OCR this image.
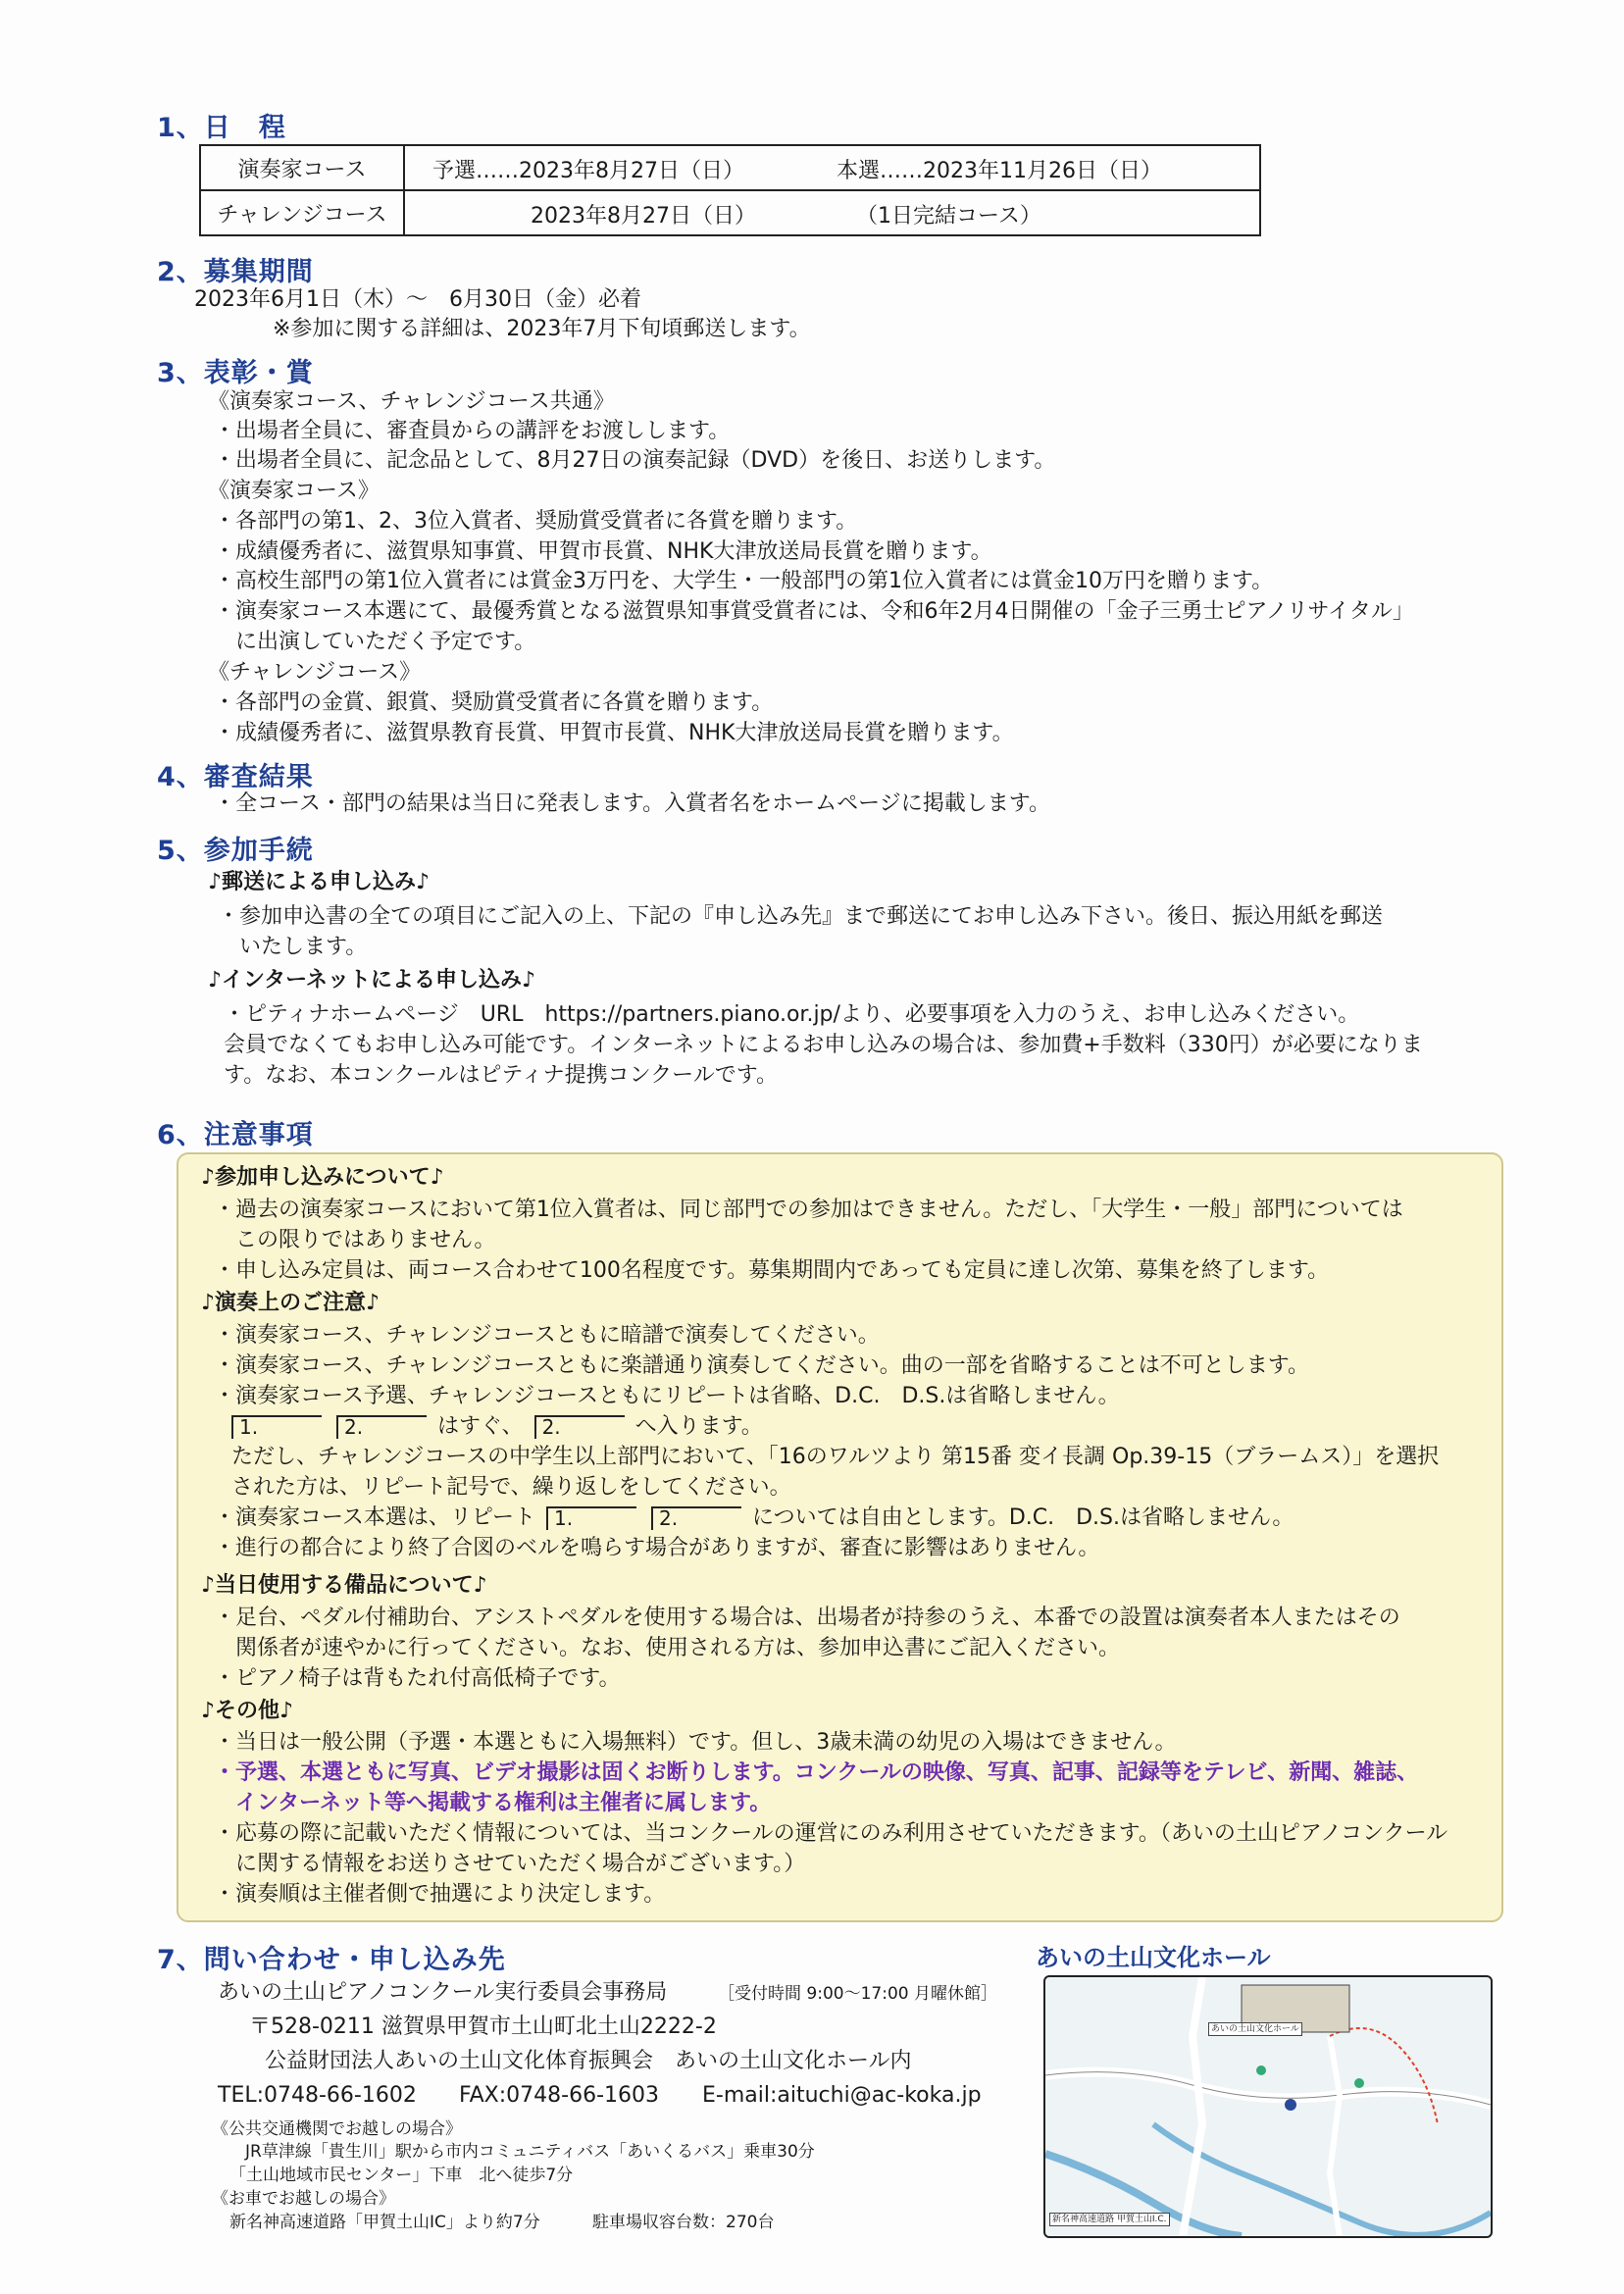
1、日　程
演奏家コース	予選……2023年8月27日（日） 本選……2023年11月26日（日）

チャレンジコース	2023年8月27日（日） （1日完結コース）
2、募集期間
2023年6月1日（木）～　6月30日（金）必着
※参加に関する詳細は、2023年7月下旬頃郵送します。
3、表彰・賞
《演奏家コース、チャレンジコース共通》
・出場者全員に、審査員からの講評をお渡しします。
・出場者全員に、記念品として、8月27日の演奏記録（DVD）を後日、お送りします。
《演奏家コース》
・各部門の第1、2、3位入賞者、奨励賞受賞者に各賞を贈ります。
・成績優秀者に、滋賀県知事賞、甲賀市長賞、NHK大津放送局長賞を贈ります。
・高校生部門の第1位入賞者には賞金3万円を、大学生・一般部門の第1位入賞者には賞金10万円を贈ります。
・演奏家コース本選にて、最優秀賞となる滋賀県知事賞受賞者には、令和6年2月4日開催の「金子三勇士ピアノリサイタル」
　に出演していただく予定です。
《チャレンジコース》
・各部門の金賞、銀賞、奨励賞受賞者に各賞を贈ります。
・成績優秀者に、滋賀県教育長賞、甲賀市長賞、NHK大津放送局長賞を贈ります。
4、審査結果
・全コース・部門の結果は当日に発表します。入賞者名をホームページに掲載します。
5、参加手続
♪郵送による申し込み♪
・参加申込書の全ての項目にご記入の上、下記の『申し込み先』まで郵送にてお申し込み下さい。後日、振込用紙を郵送
　いたします。
♪インターネットによる申し込み♪
・ピティナホームページ　URL　https://partners.piano.or.jp/より、必要事項を入力のうえ、お申し込みください。
会員でなくてもお申し込み可能です。インターネットによるお申し込みの場合は、参加費+手数料（330円）が必要になりま
す。なお、本コンクールはピティナ提携コンクールです。
6、注意事項
♪参加申し込みについて♪
・過去の演奏家コースにおいて第1位入賞者は、同じ部門での参加はできません。ただし、「大学生・一般」部門については
　この限りではありません。
・申し込み定員は、両コース合わせて100名程度です。募集期間内であっても定員に達し次第、募集を終了します。
♪演奏上のご注意♪
・演奏家コース、チャレンジコースともに暗譜で演奏してください。
・演奏家コース、チャレンジコースともに楽譜通り演奏してください。曲の一部を省略することは不可とします。
・演奏家コース予選、チャレンジコースともにリピートは省略、D.C.　D.S.は省略しません。
1.
	2.	はすぐ、 2.	へ入ります。
ただし、チャレンジコースの中学生以上部門において、「16のワルツより 第15番 変イ長調 Op.39-15（ブラームス）」を選択
された方は、リピート記号で、繰り返しをしてください。
・演奏家コース本選は、リピート 1.
	2.	については自由とします。D.C.　D.S.は省略しません。
・進行の都合により終了合図のベルを鳴らす場合がありますが、審査に影響はありません。
♪当日使用する備品について♪
・足台、ペダル付補助台、アシストペダルを使用する場合は、出場者が持参のうえ、本番での設置は演奏者本人またはその
　関係者が速やかに行ってください。なお、使用される方は、参加申込書にご記入ください。
・ピアノ椅子は背もたれ付高低椅子です。
♪その他♪
・当日は一般公開（予選・本選ともに入場無料）です。但し、3歳未満の幼児の入場はできません。
・予選、本選ともに写真、ビデオ撮影は固くお断りします。コンクールの映像、写真、記事、記録等をテレビ、新聞、雑誌、
　インターネット等へ掲載する権利は主催者に属します。
・応募の際に記載いただく情報については、当コンクールの運営にのみ利用させていただきます。（あいの土山ピアノコンクール
　に関する情報をお送りさせていただく場合がございます。）
・演奏順は主催者側で抽選により決定します。
7、問い合わせ・申し込み先
あいの土山ピアノコンクール実行委員会事務局	［受付時間 9:00～17:00 月曜休館］
〒528-0211 滋賀県甲賀市土山町北土山2222-2
公益財団法人あいの土山文化体育振興会　あいの土山文化ホール内
TEL:0748-66-1602 FAX:0748-66-1603 E-mail:aituchi@ac-koka.jp
《公共交通機関でお越しの場合》
JR草津線「貴生川」駅から市内コミュニティバス「あいくるバス」乗車30分
「土山地域市民センター」下車　北へ徒歩7分
《お車でお越しの場合》
新名神高速道路「甲賀土山IC」より約7分	駐車場収容台数：270台
あいの土山文化ホール
あいの土山文化ホール
新名神高速道路 甲賀土山I.C.
